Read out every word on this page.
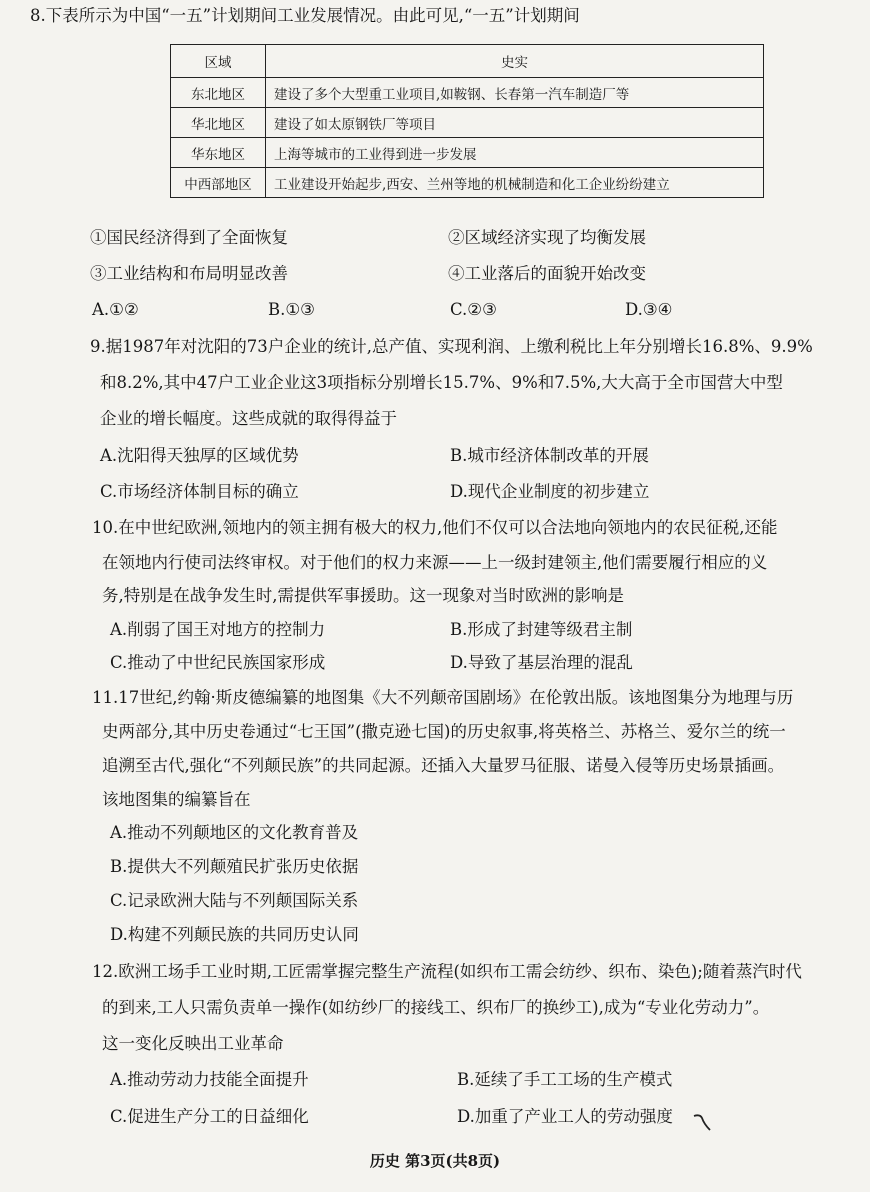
8.下表所示为中国“一五”计划期间工业发展情况。由此可见,“一五”计划期间
区域	史实
东北地区	建设了多个大型重工业项目,如鞍钢、长春第一汽车制造厂等
华北地区	建设了如太原钢铁厂等项目
华东地区	上海等城市的工业得到进一步发展
中西部地区	工业建设开始起步,西安、兰州等地的机械制造和化工企业纷纷建立
①国民经济得到了全面恢复	②区域经济实现了均衡发展
③工业结构和布局明显改善	④工业落后的面貌开始改变
A.①②	B.①③	C.②③	D.③④
9.据1987年对沈阳的73户企业的统计,总产值、实现利润、上缴利税比上年分别增长16.8%、9.9%
和8.2%,其中47户工业企业这3项指标分别增长15.7%、9%和7.5%,大大高于全市国营大中型
企业的增长幅度。这些成就的取得得益于
A.沈阳得天独厚的区域优势	B.城市经济体制改革的开展
C.市场经济体制目标的确立	D.现代企业制度的初步建立
10.在中世纪欧洲,领地内的领主拥有极大的权力,他们不仅可以合法地向领地内的农民征税,还能
在领地内行使司法终审权。对于他们的权力来源——上一级封建领主,他们需要履行相应的义
务,特别是在战争发生时,需提供军事援助。这一现象对当时欧洲的影响是
A.削弱了国王对地方的控制力	B.形成了封建等级君主制
C.推动了中世纪民族国家形成	D.导致了基层治理的混乱
11.17世纪,约翰·斯皮德编纂的地图集《大不列颠帝国剧场》在伦敦出版。该地图集分为地理与历
史两部分,其中历史卷通过“七王国”(撒克逊七国)的历史叙事,将英格兰、苏格兰、爱尔兰的统一
追溯至古代,强化“不列颠民族”的共同起源。还插入大量罗马征服、诺曼入侵等历史场景插画。
该地图集的编纂旨在
A.推动不列颠地区的文化教育普及
B.提供大不列颠殖民扩张历史依据
C.记录欧洲大陆与不列颠国际关系
D.构建不列颠民族的共同历史认同
12.欧洲工场手工业时期,工匠需掌握完整生产流程(如织布工需会纺纱、织布、染色);随着蒸汽时代
的到来,工人只需负责单一操作(如纺纱厂的接线工、织布厂的换纱工),成为“专业化劳动力”。
这一变化反映出工业革命
A.推动劳动力技能全面提升	B.延续了手工工场的生产模式
C.促进生产分工的日益细化	D.加重了产业工人的劳动强度
历史 第3页(共8页)
